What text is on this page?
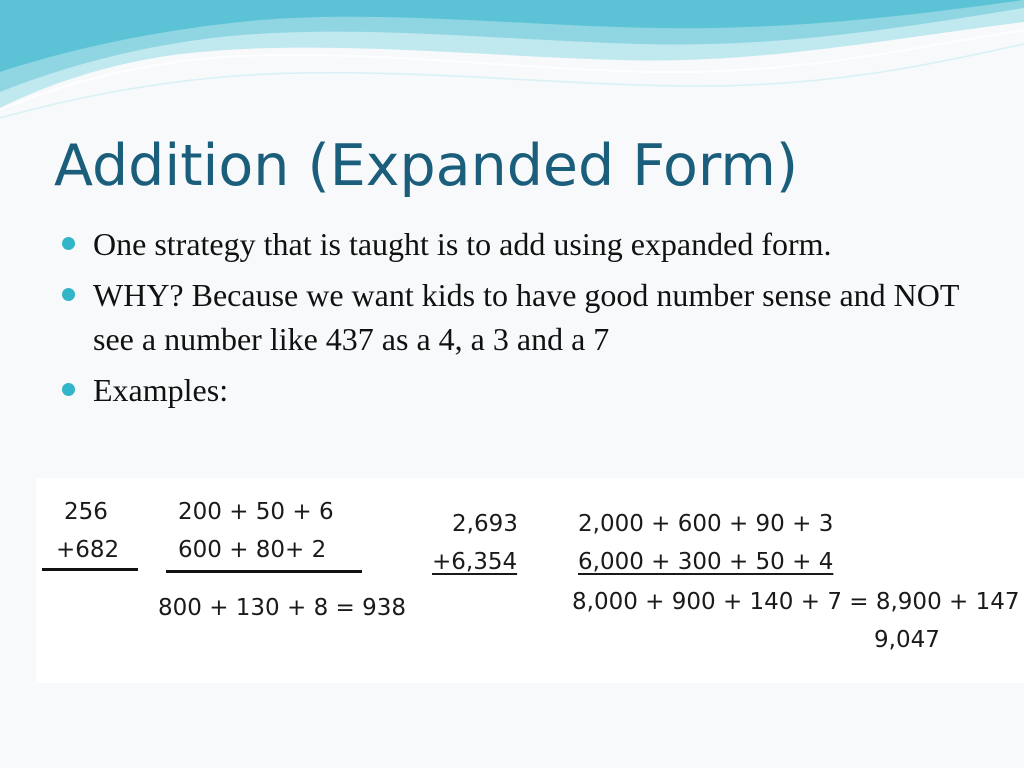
Addition (Expanded Form)
One strategy that is taught is to add using expanded form.
WHY? Because we want kids to have good number sense and NOT see a number like 437 as a 4, a 3 and a 7
Examples:
256
+682
200 + 50 + 6
600 + 80+ 2
800 + 130 + 8 = 938
2,693
+6,354
2,000 + 600 + 90 + 3
6,000 + 300 + 50 + 4
8,000 + 900 + 140 + 7 = 8,900 + 147
9,047
